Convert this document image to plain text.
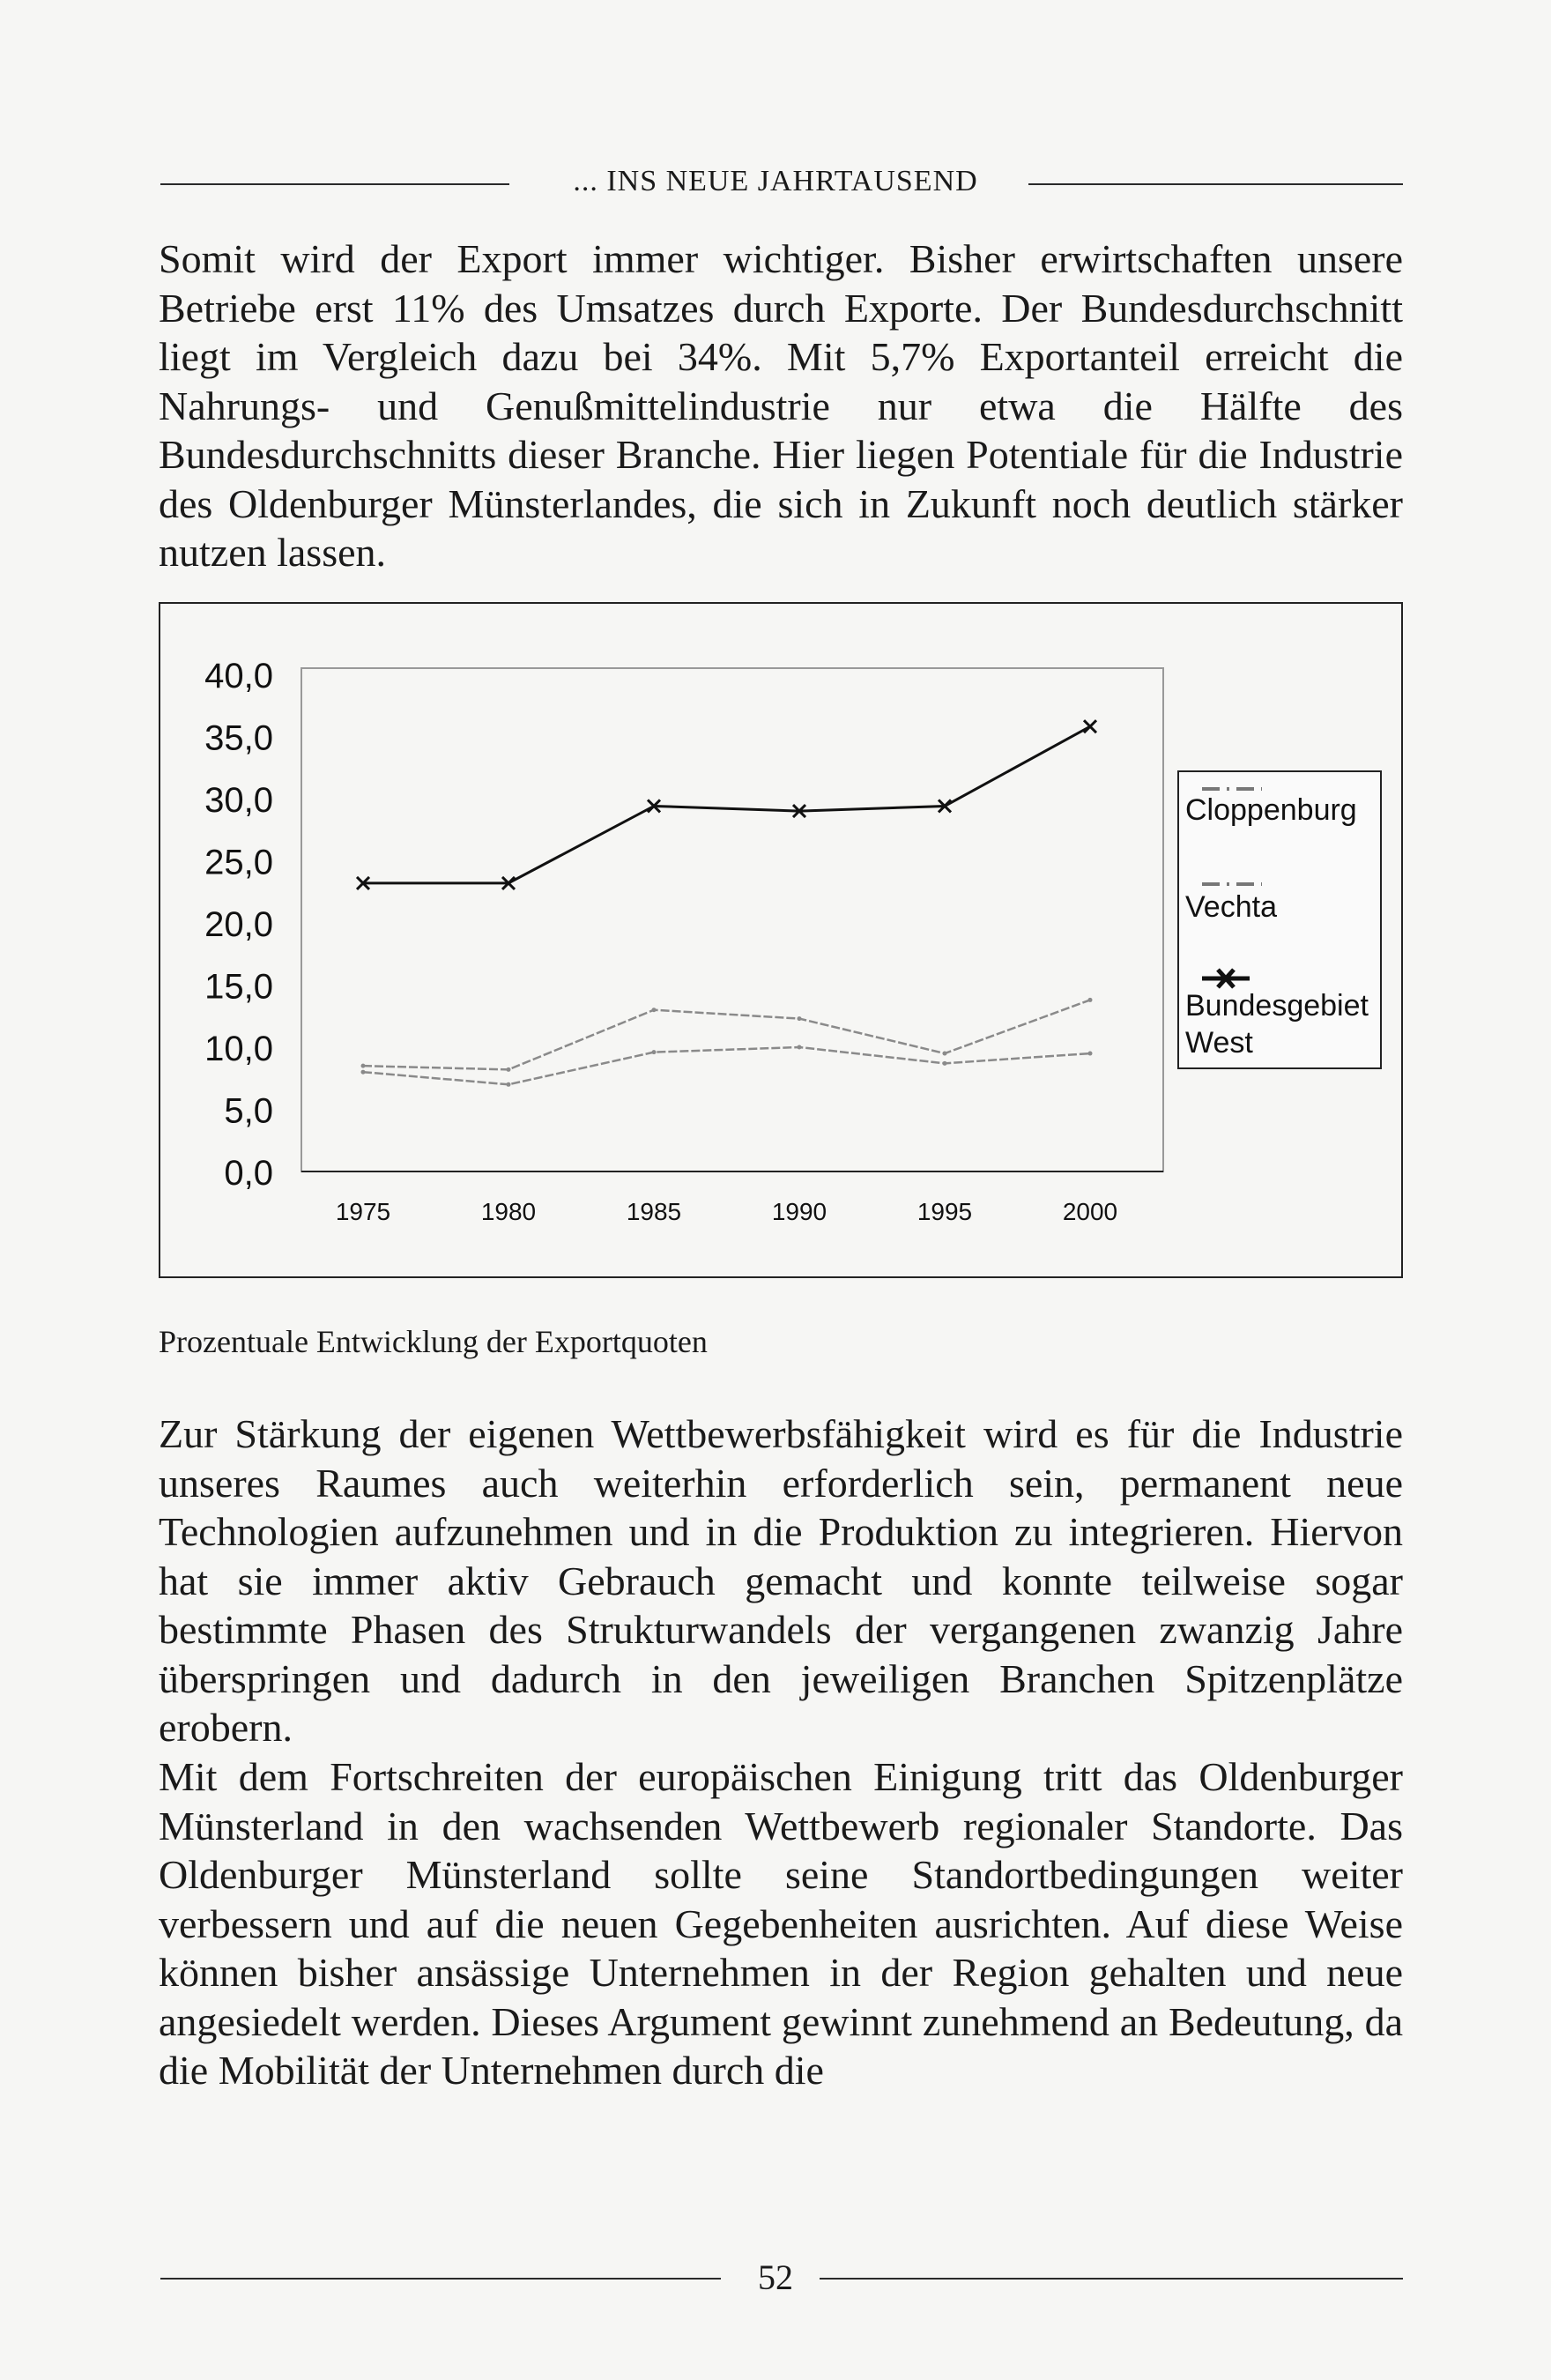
... INS NEUE JAHRTAUSEND

Somit wird der Export immer wichtiger. Bisher erwirtschaften unsere Betriebe erst 11% des Umsatzes durch Exporte. Der Bundesdurchschnitt liegt im Vergleich dazu bei 34%. Mit 5,7% Exportanteil erreicht die Nahrungs- und Genußmittelindustrie nur etwa die Hälfte des Bundesdurchschnitts dieser Branche. Hier liegen Potentiale für die Industrie des Oldenburger Münsterlandes, die sich in Zukunft noch deutlich stärker nutzen lassen.

40,0
35,0
30,0
25,0
20,0
15,0
10,0
5,0
0,0
1975	1980	1985	1990	1995	2000
Cloppenburg
Vechta
Bundesgebiet
West
Prozentuale Entwicklung der Exportquoten

Zur Stärkung der eigenen Wettbewerbsfähigkeit wird es für die Industrie unseres Raumes auch weiterhin erforderlich sein, permanent neue Technologien aufzunehmen und in die Produktion zu integrieren. Hiervon hat sie immer aktiv Gebrauch gemacht und konnte teilweise sogar bestimmte Phasen des Strukturwandels der vergangenen zwanzig Jahre überspringen und dadurch in den jeweiligen Branchen Spitzenplätze erobern.

Mit dem Fortschreiten der europäischen Einigung tritt das Oldenburger Münsterland in den wachsenden Wettbewerb regionaler Standorte. Das Oldenburger Münsterland sollte seine Standortbedingungen weiter verbessern und auf die neuen Gegebenheiten ausrichten. Auf diese Weise können bisher ansässige Unternehmen in der Region gehalten und neue angesiedelt werden. Dieses Argument gewinnt zunehmend an Bedeutung, da die Mobilität der Unternehmen durch die

52
